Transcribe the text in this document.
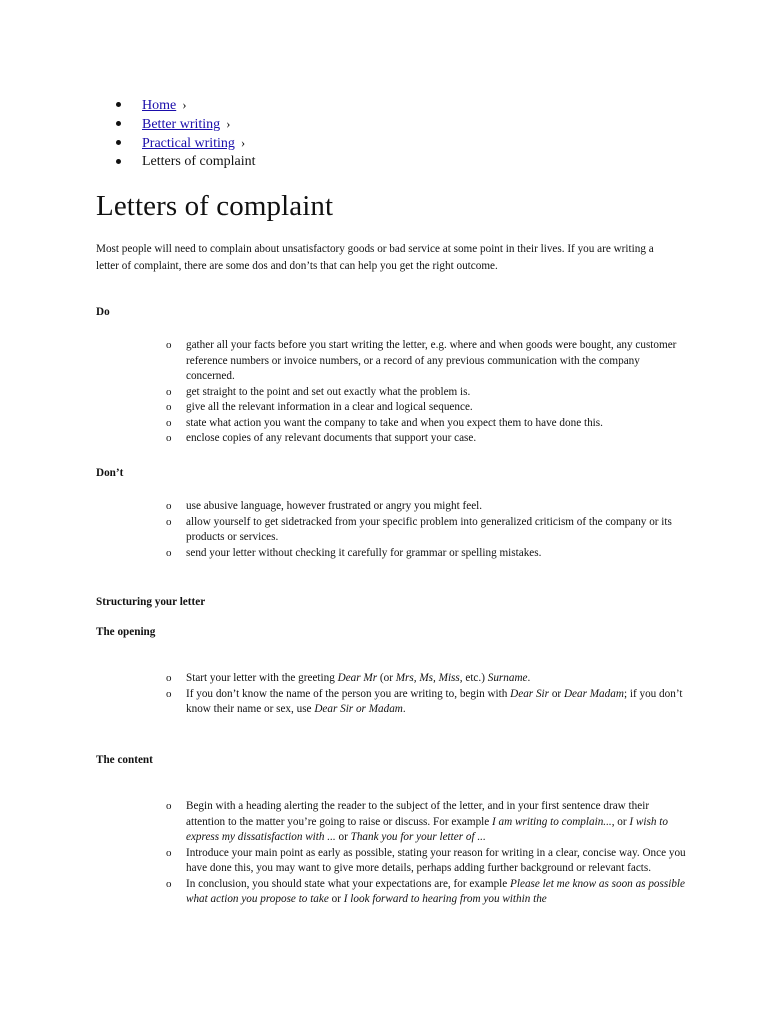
Home ›
Better writing ›
Practical writing ›
Letters of complaint
Letters of complaint

Most people will need to complain about unsatisfactory goods or bad service at some point in their lives. If you are writing a letter of complaint, there are some dos and don’ts that can help you get the right outcome.

Do

o gather all your facts before you start writing the letter, e.g. where and when goods were bought, any customer reference numbers or invoice numbers, or a record of any previous communication with the company concerned.
o get straight to the point and set out exactly what the problem is.
o give all the relevant information in a clear and logical sequence.
o state what action you want the company to take and when you expect them to have done this.
o enclose copies of any relevant documents that support your case.

Don’t

o use abusive language, however frustrated or angry you might feel.
o allow yourself to get sidetracked from your specific problem into generalized criticism of the company or its products or services.
o send your letter without checking it carefully for grammar or spelling mistakes.

Structuring your letter

The opening

o Start your letter with the greeting Dear Mr (or Mrs, Ms, Miss, etc.) Surname.
o If you don’t know the name of the person you are writing to, begin with Dear Sir or Dear Madam; if you don’t know their name or sex, use Dear Sir or Madam.

The content

o Begin with a heading alerting the reader to the subject of the letter, and in your first sentence draw their attention to the matter you’re going to raise or discuss. For example I am writing to complain..., or I wish to express my dissatisfaction with ... or Thank you for your letter of ...
o Introduce your main point as early as possible, stating your reason for writing in a clear, concise way. Once you have done this, you may want to give more details, perhaps adding further background or relevant facts.
o In conclusion, you should state what your expectations are, for example Please let me know as soon as possible what action you propose to take or I look forward to hearing from you within the
